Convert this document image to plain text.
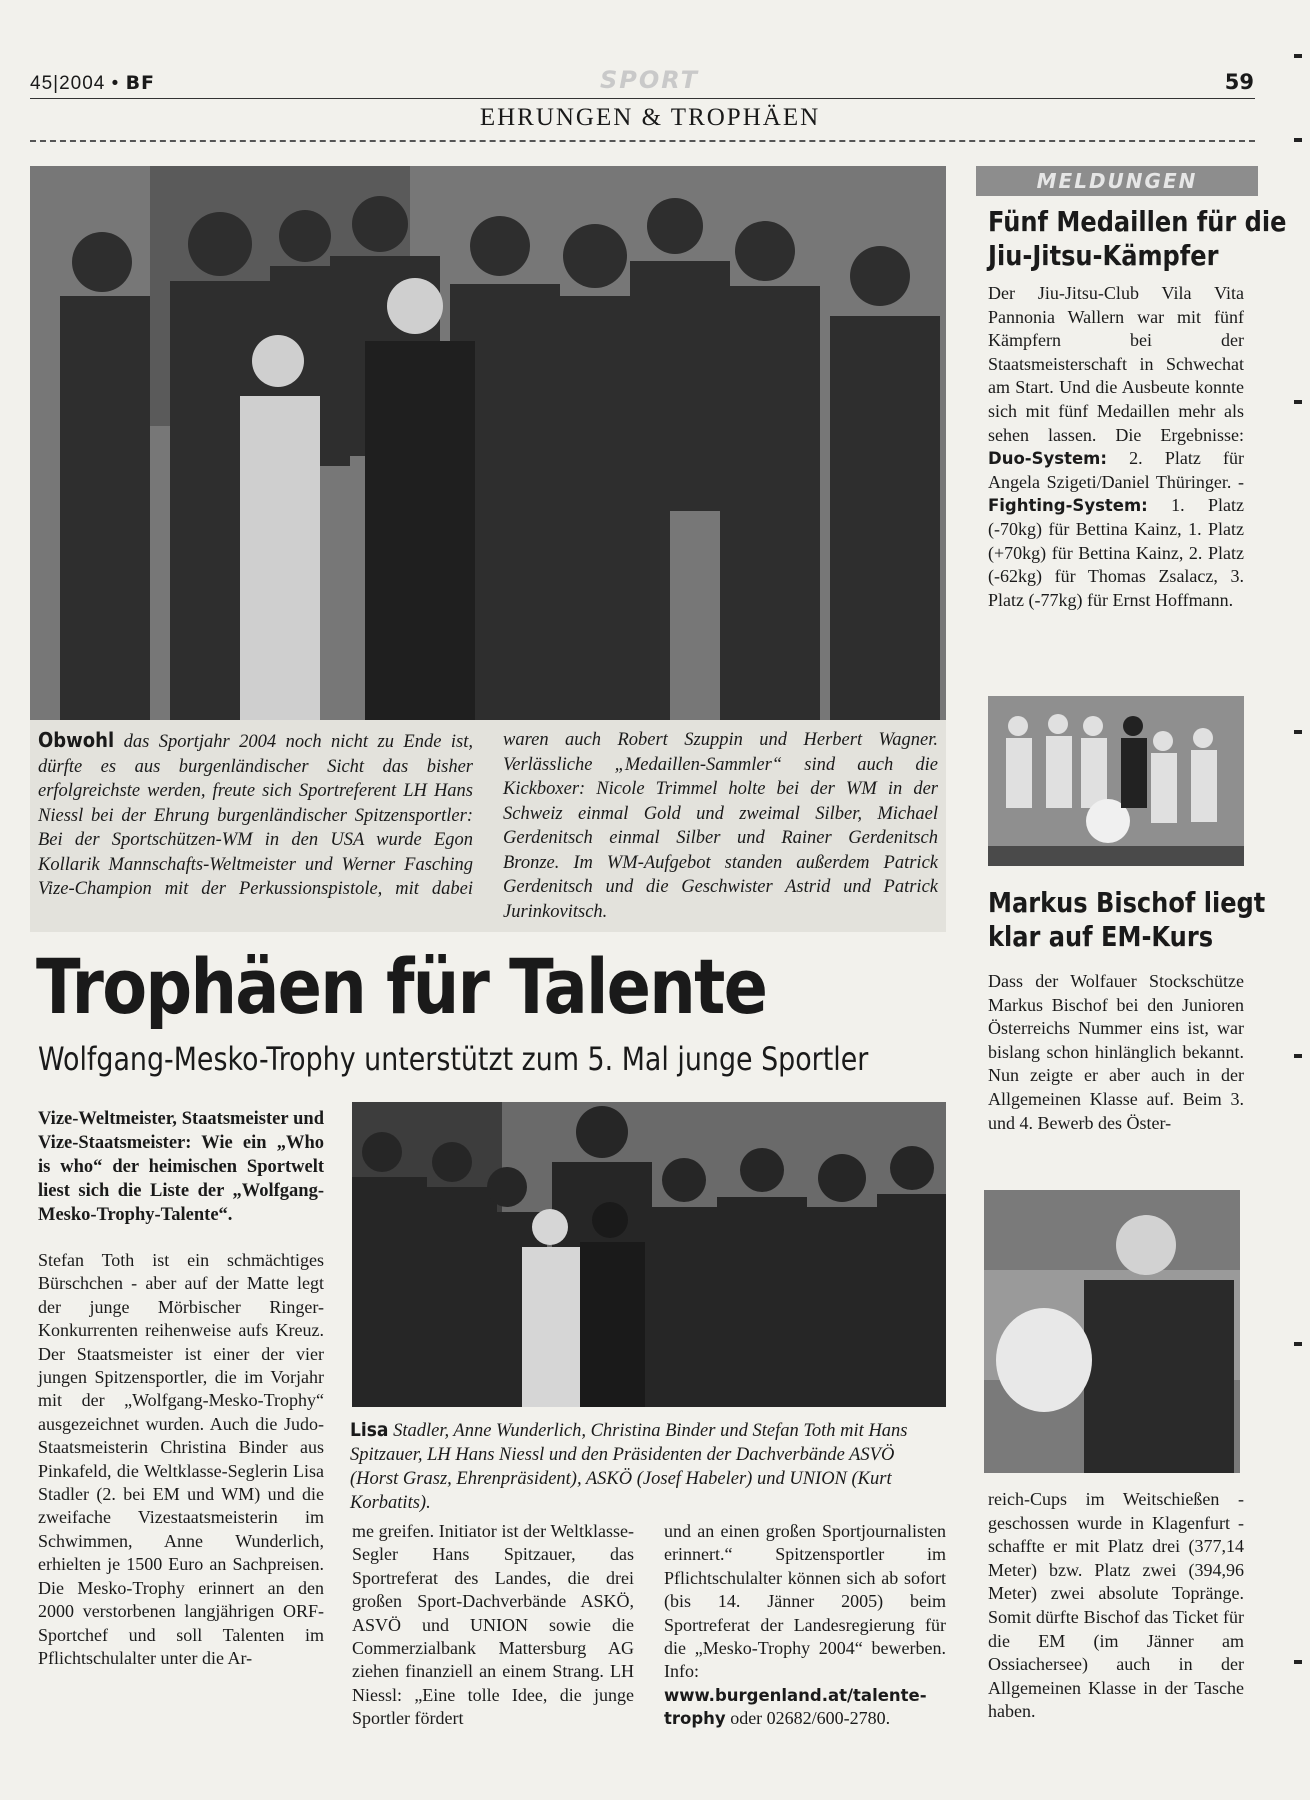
45|2004 • BF	SPORT	59
EHRUNGEN & TROPHÄEN
Obwohl das Sportjahr 2004 noch nicht zu Ende ist, dürfte es aus burgenländischer Sicht das bisher erfolgreichste werden, freute sich Sportreferent LH Hans Niessl bei der Ehrung burgenländischer Spitzensportler: Bei der Sportschützen-WM in den USA wurde Egon Kollarik Mannschafts-Weltmeister und Werner Fasching Vize-Champion mit der Perkussionspistole, mit dabei waren auch Robert Szuppin und Herbert Wagner. Verlässliche „Medaillen-Sammler“ sind auch die Kickboxer: Nicole Trimmel holte bei der WM in der Schweiz einmal Gold und zweimal Silber, Michael Gerdenitsch einmal Silber und Rainer Gerdenitsch Bronze. Im WM-Aufgebot standen außerdem Patrick Gerdenitsch und die Geschwister Astrid und Patrick Jurinkovitsch.
Trophäen für Talente
Wolfgang-Mesko-Trophy unterstützt zum 5. Mal junge Sportler

Vize-Weltmeister, Staatsmeister und Vize-Staatsmeister: Wie ein „Who is who“ der heimischen Sportwelt liest sich die Liste der „Wolfgang-Mesko-Trophy-Talente“.

Stefan Toth ist ein schmächtiges Bürschchen - aber auf der Matte legt der junge Mörbischer Ringer-Konkurrenten reihenweise aufs Kreuz. Der Staatsmeister ist einer der vier jungen Spitzensportler, die im Vorjahr mit der „Wolfgang-Mesko-Trophy“ ausgezeichnet wurden. Auch die Judo-Staatsmeisterin Christina Binder aus Pinkafeld, die Weltklasse-Seglerin Lisa Stadler (2. bei EM und WM) und die zweifache Vizestaatsmeisterin im Schwimmen, Anne Wunderlich, erhielten je 1500 Euro an Sachpreisen. Die Mesko-Trophy erinnert an den 2000 verstorbenen langjährigen ORF-Sportchef und soll Talenten im Pflichtschulalter unter die Ar-

Lisa Stadler, Anne Wunderlich, Christina Binder und Stefan Toth mit Hans Spitzauer, LH Hans Niessl und den Präsidenten der Dachverbände ASVÖ (Horst Grasz, Ehrenpräsident), ASKÖ (Josef Habeler) und UNION (Kurt Korbatits).

me greifen. Initiator ist der Weltklasse-Segler Hans Spitzauer, das Sportreferat des Landes, die drei großen Sport-Dachverbände ASKÖ, ASVÖ und UNION sowie die Commerzialbank Mattersburg AG ziehen finanziell an einem Strang. LH Niessl: „Eine tolle Idee, die junge Sportler fördert

und an einen großen Sportjournalisten erinnert.“ Spitzensportler im Pflichtschulalter können sich ab sofort (bis 14. Jänner 2005) beim Sportreferat der Landesregierung für die „Mesko-Trophy 2004“ bewerben. Info: www.burgenland.at/talente-trophy oder 02682/600-2780.

MELDUNGEN
Fünf Medaillen für die
Jiu-Jitsu-Kämpfer
Der Jiu-Jitsu-Club Vila Vita Pannonia Wallern war mit fünf Kämpfern bei der Staatsmeisterschaft in Schwechat am Start. Und die Ausbeute konnte sich mit fünf Medaillen mehr als sehen lassen. Die Ergebnisse: Duo-System: 2. Platz für Angela Szigeti/Daniel Thüringer. - Fighting-System: 1. Platz (-70kg) für Bettina Kainz, 1. Platz (+70kg) für Bettina Kainz, 2. Platz (-62kg) für Thomas Zsalacz, 3. Platz (-77kg) für Ernst Hoffmann.
Markus Bischof liegt
klar auf EM-Kurs
Dass der Wolfauer Stockschütze Markus Bischof bei den Junioren Österreichs Nummer eins ist, war bislang schon hinlänglich bekannt. Nun zeigte er aber auch in der Allgemeinen Klasse auf. Beim 3. und 4. Bewerb des Öster-
reich-Cups im Weitschießen - geschossen wurde in Klagenfurt - schaffte er mit Platz drei (377,14 Meter) bzw. Platz zwei (394,96 Meter) zwei absolute Topränge. Somit dürfte Bischof das Ticket für die EM (im Jänner am Ossiachersee) auch in der Allgemeinen Klasse in der Tasche haben.
